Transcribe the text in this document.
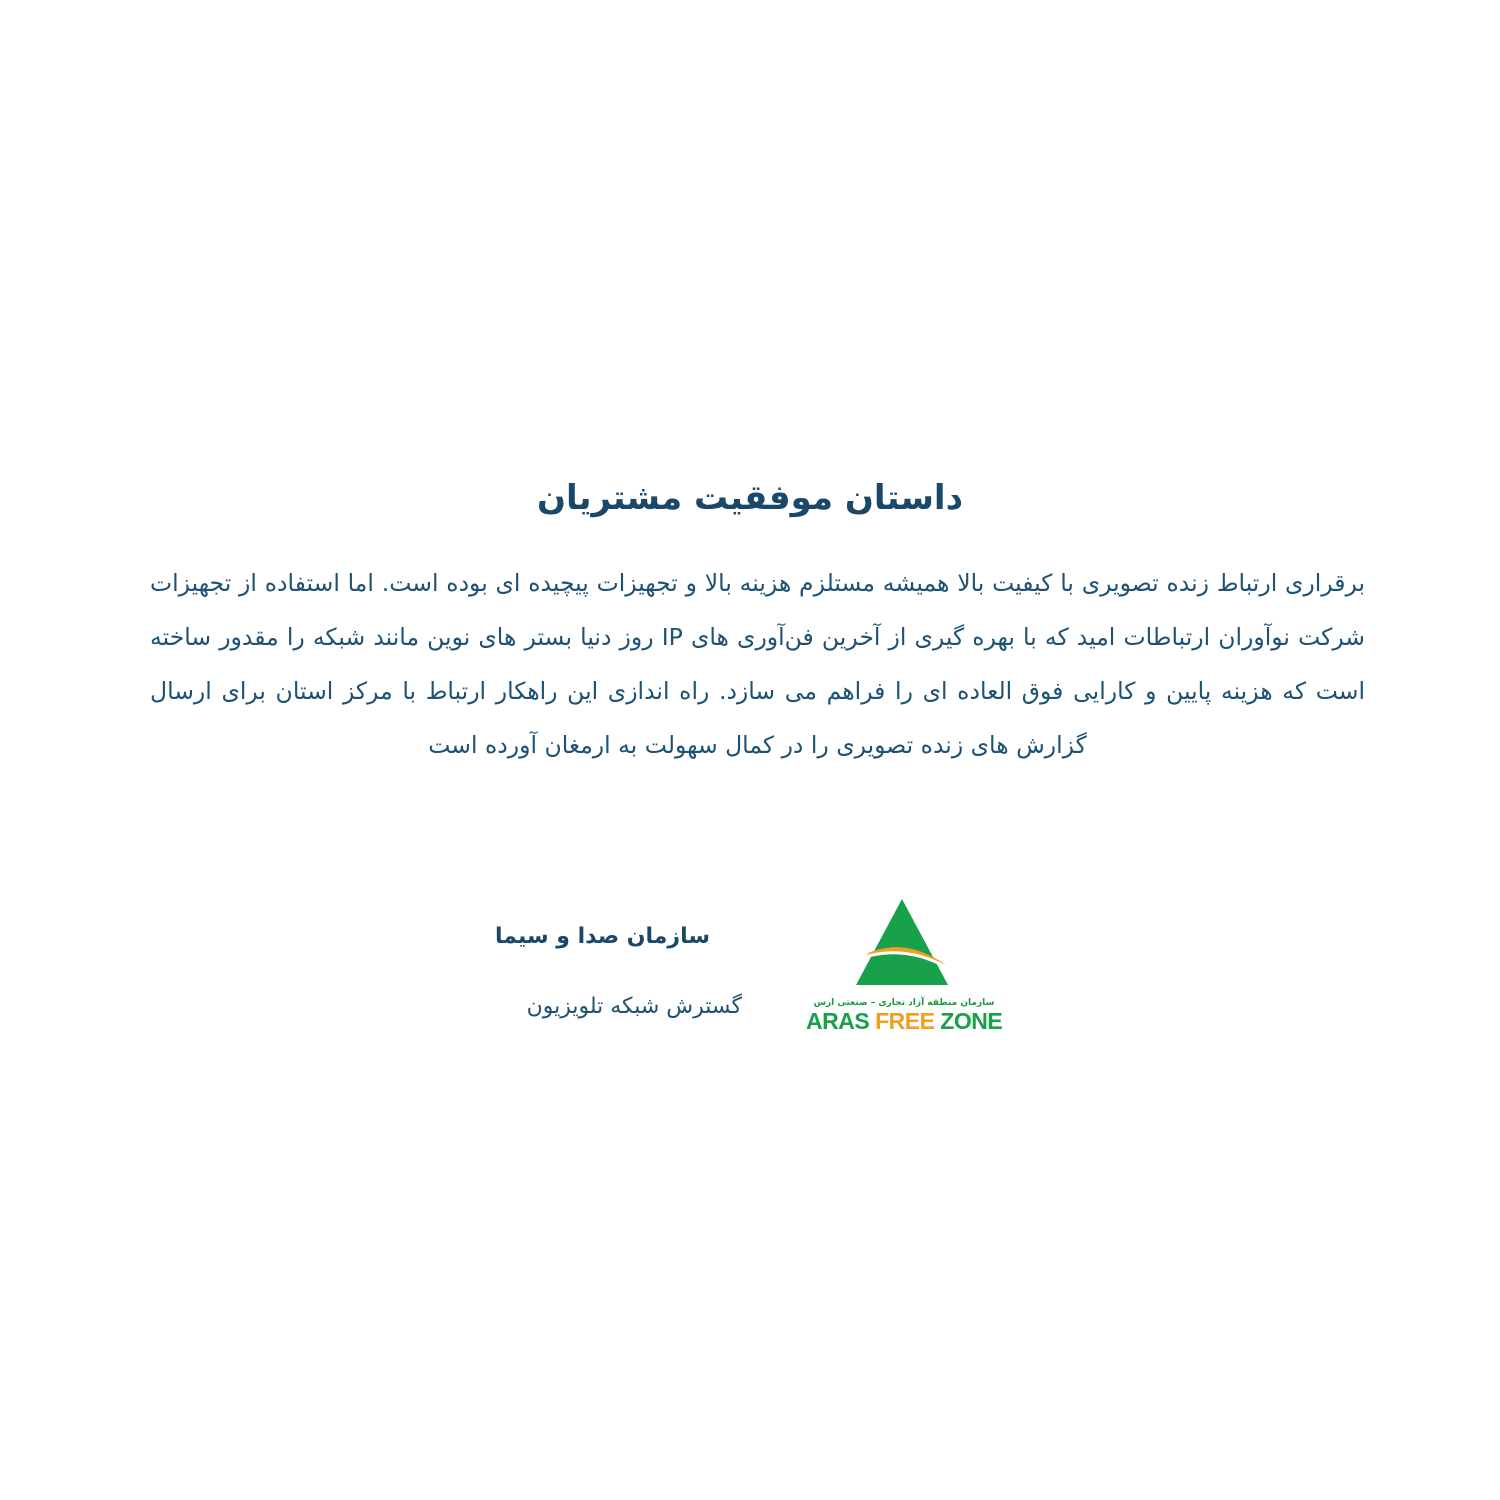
داستان موفقیت مشتریان

برقراری ارتباط زنده تصویری با کیفیت بالا همیشه مستلزم هزینه بالا و تجهیزات پیچیده ای بوده است. اما استفاده از تجهیزات شرکت نوآوران ارتباطات امید که با بهره گیری از آخرین فن‌آوری های IP روز دنیا بستر های نوین مانند شبکه را مقدور ساخته است که هزینه پایین و کارایی فوق العاده ای را فراهم می سازد. راه اندازی این راهکار ارتباط با مرکز استان برای ارسال گزارش های زنده تصویری را در کمال سهولت به ارمغان آورده است

سازمان صدا و سیما
گسترش شبکه تلویزیون	سازمان منطقه آزاد تجاری – صنعتی ارس
ARAS FREE ZONE
